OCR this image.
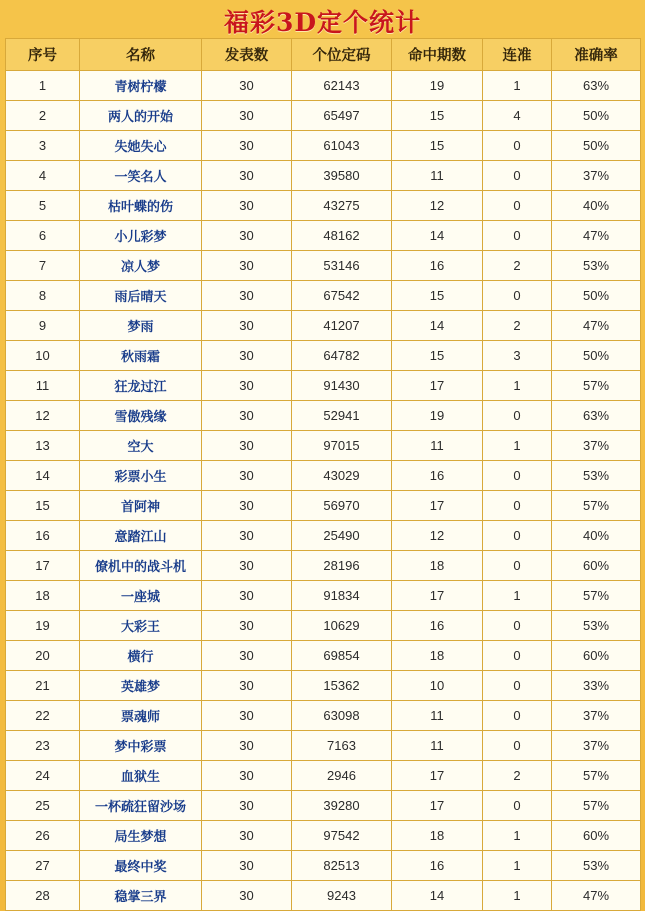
福彩3D定个统计
序号	名称	发表数	个位定码	命中期数	连准	准确率
1	青树柠檬	30	62143	19	1	63%
2	两人的开始	30	65497	15	4	50%
3	失她失心	30	61043	15	0	50%
4	一笑名人	30	39580	11	0	37%
5	枯叶蝶的伤	30	43275	12	0	40%
6	小儿彩梦	30	48162	14	0	47%
7	凉人梦	30	53146	16	2	53%
8	雨后晴天	30	67542	15	0	50%
9	梦雨	30	41207	14	2	47%
10	秋雨霜	30	64782	15	3	50%
11	狂龙过江	30	91430	17	1	57%
12	雪傲残缘	30	52941	19	0	63%
13	空大	30	97015	11	1	37%
14	彩票小生	30	43029	16	0	53%
15	首阿神	30	56970	17	0	57%
16	意踏江山	30	25490	12	0	40%
17	僚机中的战斗机	30	28196	18	0	60%
18	一座城	30	91834	17	1	57%
19	大彩王	30	10629	16	0	53%
20	横行	30	69854	18	0	60%
21	英雄梦	30	15362	10	0	33%
22	票魂师	30	63098	11	0	37%
23	梦中彩票	30	7163	11	0	37%
24	血狱生	30	2946	17	2	57%
25	一杯疏狂留沙场	30	39280	17	0	57%
26	局生梦想	30	97542	18	1	60%
27	最终中奖	30	82513	16	1	53%
28	稳掌三界	30	9243	14	1	47%
